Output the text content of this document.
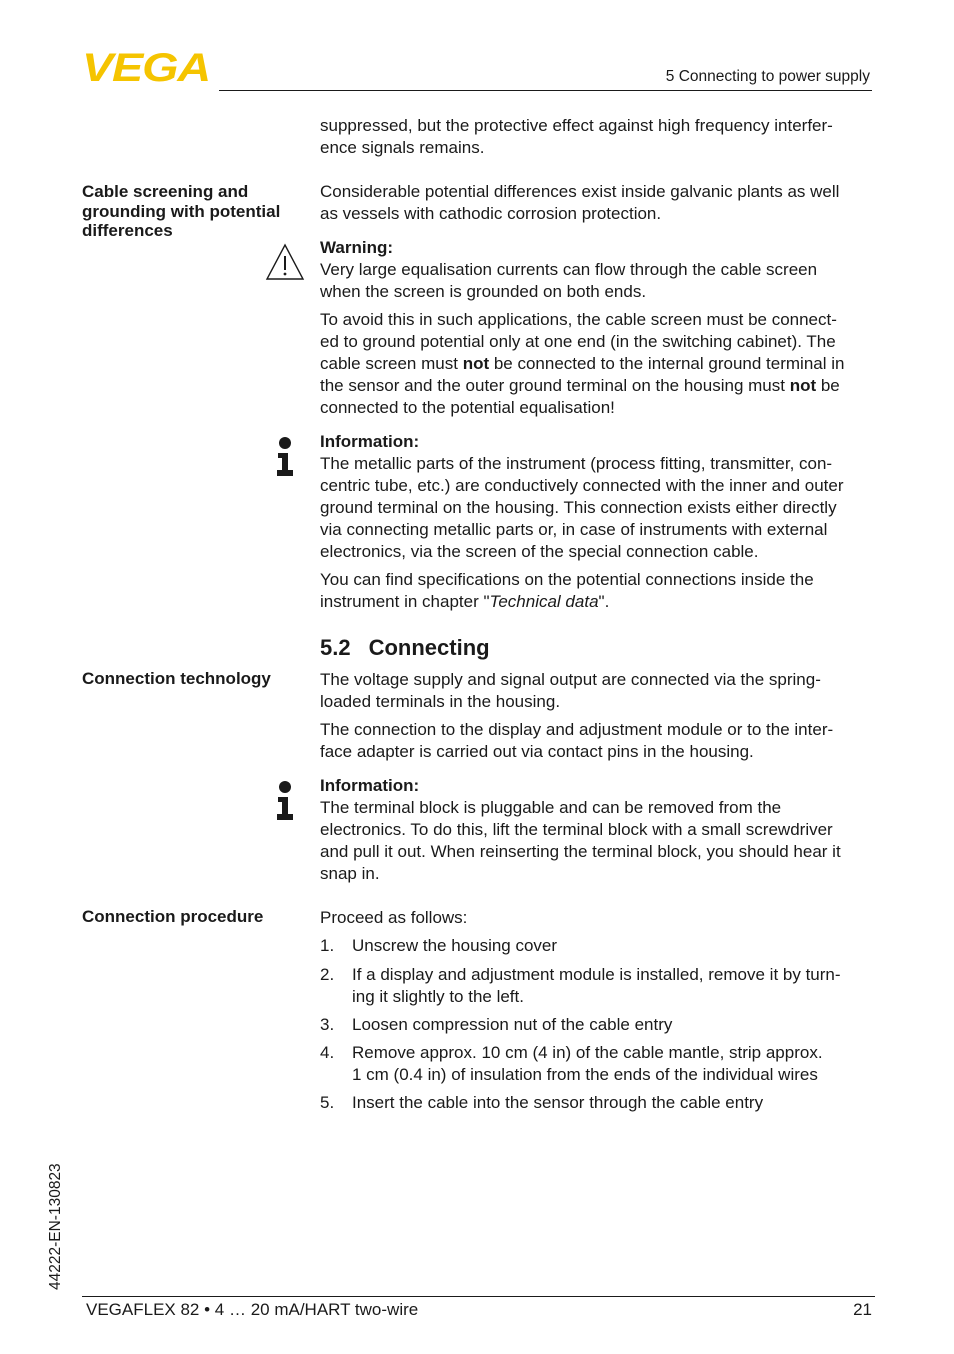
VEGA	5 Connecting to power supply
suppressed, but the protective effect against high frequency interfer-
ence signals remains.
Cable screening and
grounding with potential
differences
Considerable potential differences exist inside galvanic plants as well
as vessels with cathodic corrosion protection.
Warning:
Very large equalisation currents can flow through the cable screen
when the screen is grounded on both ends.
To avoid this in such applications, the cable screen must be connect-
ed to ground potential only at one end (in the switching cabinet). The
cable screen must not be connected to the internal ground terminal in
the sensor and the outer ground terminal on the housing must not be
connected to the potential equalisation!
Information:
The metallic parts of the instrument (process fitting, transmitter, con-
centric tube, etc.) are conductively connected with the inner and outer
ground terminal on the housing. This connection exists either directly
via connecting metallic parts or, in case of instruments with external
electronics, via the screen of the special connection cable.
You can find specifications on the potential connections inside the
instrument in chapter "Technical data".
5.2 Connecting
Connection technology	The voltage supply and signal output are connected via the spring-
loaded terminals in the housing.
The connection to the display and adjustment module or to the inter-
face adapter is carried out via contact pins in the housing.
Information:
The terminal block is pluggable and can be removed from the
electronics. To do this, lift the terminal block with a small screwdriver
and pull it out. When reinserting the terminal block, you should hear it
snap in.
Connection procedure	Proceed as follows:
1. Unscrew the housing cover
2. If a display and adjustment module is installed, remove it by turn-
ing it slightly to the left.
3. Loosen compression nut of the cable entry
4. Remove approx. 10 cm (4 in) of the cable mantle, strip approx.
1 cm (0.4 in) of insulation from the ends of the individual wires
5. Insert the cable into the sensor through the cable entry
44222-EN-130823
VEGAFLEX 82 • 4 … 20 mA/HART two-wire	21
